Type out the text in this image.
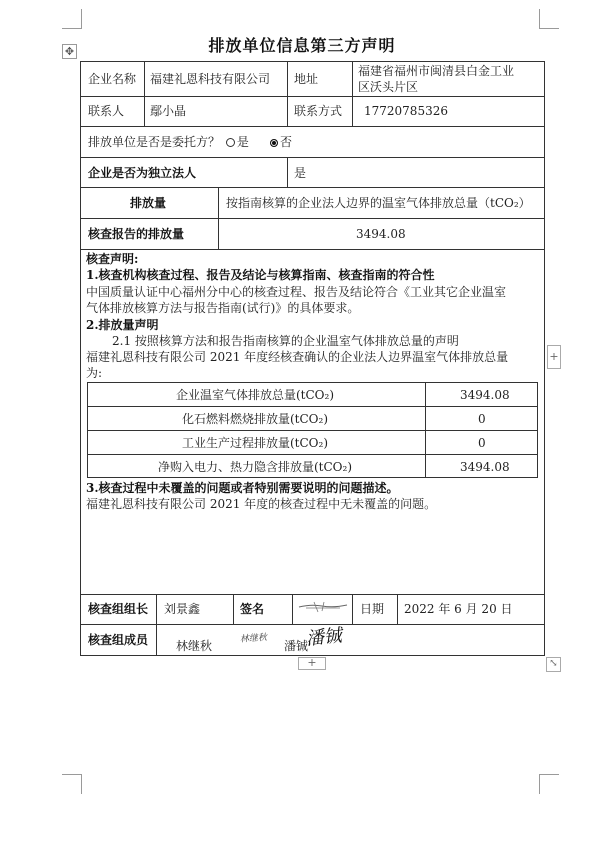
排放单位信息第三方声明
✥
企业名称 福建礼恩科技有限公司 地址
福建省福州市闽清县白金工业
区沃头片区
联系人 鄢小晶	联系方式 17720785326
排放单位是否是委托方？ 是	否
企业是否为独立法人	是
排放量	按指南核算的企业法人边界的温室气体排放总量（tCO₂）
核查报告的排放量	3494.08
核查声明:
1.核查机构核查过程、报告及结论与核算指南、核查指南的符合性
中国质量认证中心福州分中心的核查过程、报告及结论符合《工业其它企业温室
气体排放核算方法与报告指南(试行)》的具体要求。
2.排放量声明
2.1 按照核算方法和报告指南核算的企业温室气体排放总量的声明
福建礼恩科技有限公司 2021 年度经核查确认的企业法人边界温室气体排放总量
为:
企业温室气体排放总量(tCO₂)	3494.08
化石燃料燃烧排放量(tCO₂)	0
工业生产过程排放量(tCO₂)	0
净购入电力、热力隐含排放量(tCO₂)	3494.08
3.核查过程中未覆盖的问题或者特别需要说明的问题描述。
福建礼恩科技有限公司 2021 年度的核查过程中无未覆盖的问题。
核查组组长 刘景鑫	签名	日期 2022 年 6 月 20 日
核查组成员 林继秋	林继秋 潘铖
潘铖
+
+	⤡
